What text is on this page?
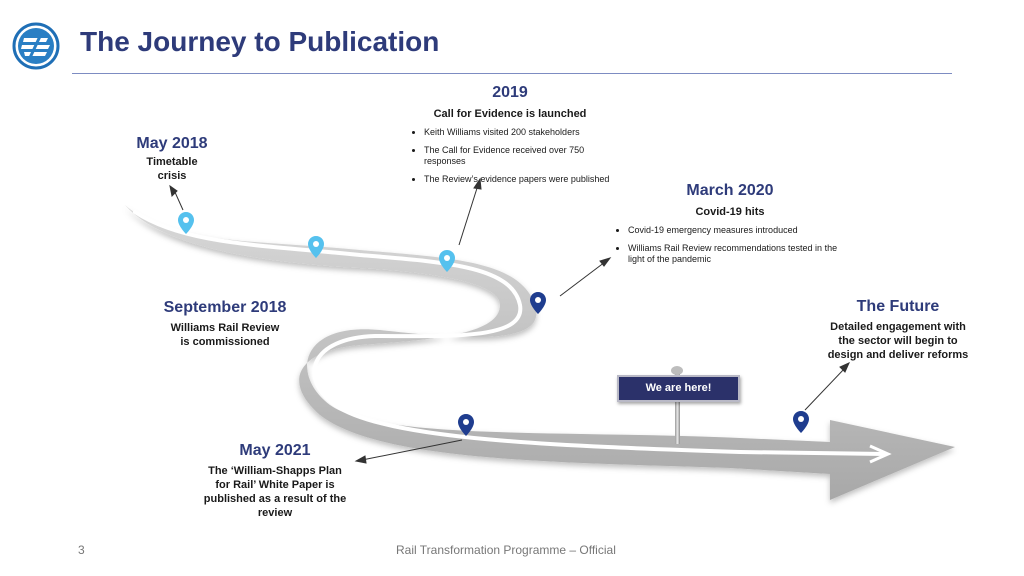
The Journey to Publication
We are here!
May 2018
Timetable
crisis
2019
Call for Evidence is launched
• Keith Williams visited 200 stakeholders
• The Call for Evidence received over 750 responses
• The Review’s evidence papers were published
March 2020
Covid-19 hits
• Covid-19 emergency measures introduced
• Williams Rail Review recommendations tested in the light of the pandemic
September 2018
Williams Rail Review
is commissioned
The Future
Detailed engagement with
the sector will begin to
design and deliver reforms
May 2021
The ‘William-Shapps Plan
for Rail’ White Paper is
published as a result of the
review
3	Rail Transformation Programme – Official
